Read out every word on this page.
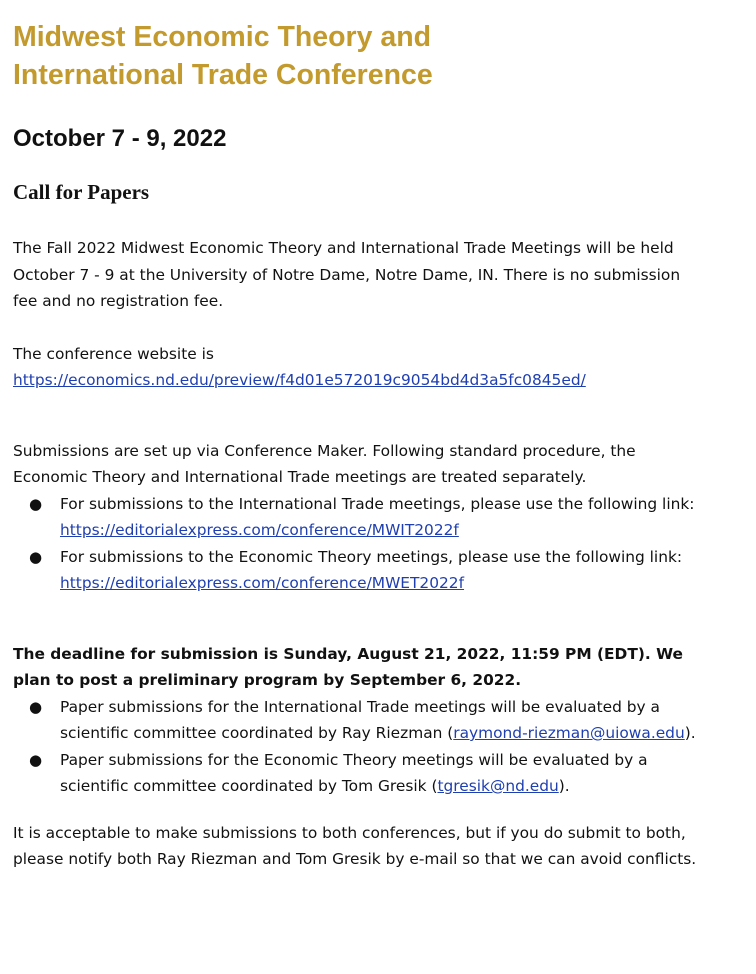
Midwest Economic Theory and
International Trade Conference
October 7 - 9, 2022
Call for Papers

The Fall 2022 Midwest Economic Theory and International Trade Meetings will be held
October 7 - 9 at the University of Notre Dame, Notre Dame, IN. There is no submission
fee and no registration fee.

The conference website is
https://economics.nd.edu/preview/f4d01e572019c9054bd4d3a5fc0845ed/

Submissions are set up via Conference Maker. Following standard procedure, the
Economic Theory and International Trade meetings are treated separately.

● For submissions to the International Trade meetings, please use the following link:
https://editorialexpress.com/conference/MWIT2022f
● For submissions to the Economic Theory meetings, please use the following link:
https://editorialexpress.com/conference/MWET2022f

The deadline for submission is Sunday, August 21, 2022, 11:59 PM (EDT). We
plan to post a preliminary program by September 6, 2022.

● Paper submissions for the International Trade meetings will be evaluated by a
scientific committee coordinated by Ray Riezman (raymond-riezman@uiowa.edu).
● Paper submissions for the Economic Theory meetings will be evaluated by a
scientific committee coordinated by Tom Gresik (tgresik@nd.edu).

It is acceptable to make submissions to both conferences, but if you do submit to both,
please notify both Ray Riezman and Tom Gresik by e-mail so that we can avoid conflicts.
